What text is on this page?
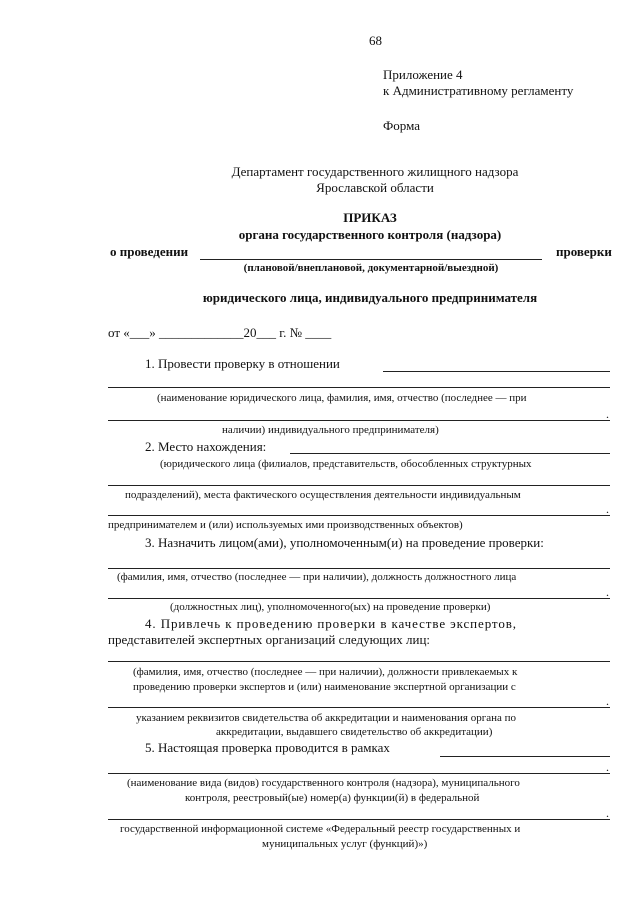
68
Приложение 4
к Административному регламенту
Форма
Департамент государственного жилищного надзора
Ярославской области
ПРИКАЗ
органа государственного контроля (надзора)
о проведении	проверки
(плановой/внеплановой, документарной/выездной)
юридического лица, индивидуального предпринимателя
от «___» _____________20___ г. № ____
1. Провести проверку в отношении
(наименование юридического лица, фамилия, имя, отчество (последнее — при
.
наличии) индивидуального предпринимателя)
2. Место нахождения:
(юридического лица (филиалов, представительств, обособленных структурных
подразделений), места фактического осуществления деятельности индивидуальным
.
предпринимателем и (или) используемых ими производственных объектов)
3. Назначить лицом(ами), уполномоченным(и) на проведение проверки:
(фамилия, имя, отчество (последнее — при наличии), должность должностного лица
.
(должностных лиц), уполномоченного(ых) на проведение проверки)
4. Привлечь к проведению проверки в качестве экспертов,
представителей экспертных организаций следующих лиц:
(фамилия, имя, отчество (последнее — при наличии), должности привлекаемых к
проведению проверки экспертов и (или) наименование экспертной организации с
.
указанием реквизитов свидетельства об аккредитации и наименования органа по
аккредитации, выдавшего свидетельство об аккредитации)
5. Настоящая проверка проводится в рамках
.
(наименование вида (видов) государственного контроля (надзора), муниципального
контроля, реестровый(ые) номер(а) функции(й) в федеральной
.
государственной информационной системе «Федеральный реестр государственных и
муниципальных услуг (функций)»)
